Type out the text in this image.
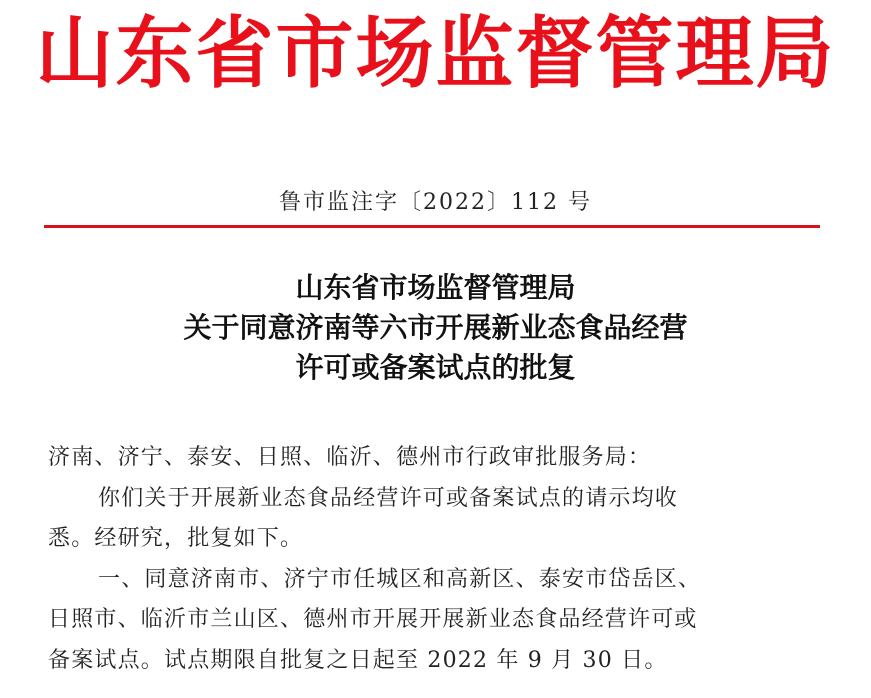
山东省市场监督管理局
鲁市监注字〔2022〕112 号
山东省市场监督管理局
关于同意济南等六市开展新业态食品经营
许可或备案试点的批复
济南、济宁、泰安、日照、临沂、德州市行政审批服务局：
你们关于开展新业态食品经营许可或备案试点的请示均收
悉。经研究，批复如下。
一、同意济南市、济宁市任城区和高新区、泰安市岱岳区、
日照市、临沂市兰山区、德州市开展开展新业态食品经营许可或
备案试点。试点期限自批复之日起至 2022 年 9 月 30 日。
